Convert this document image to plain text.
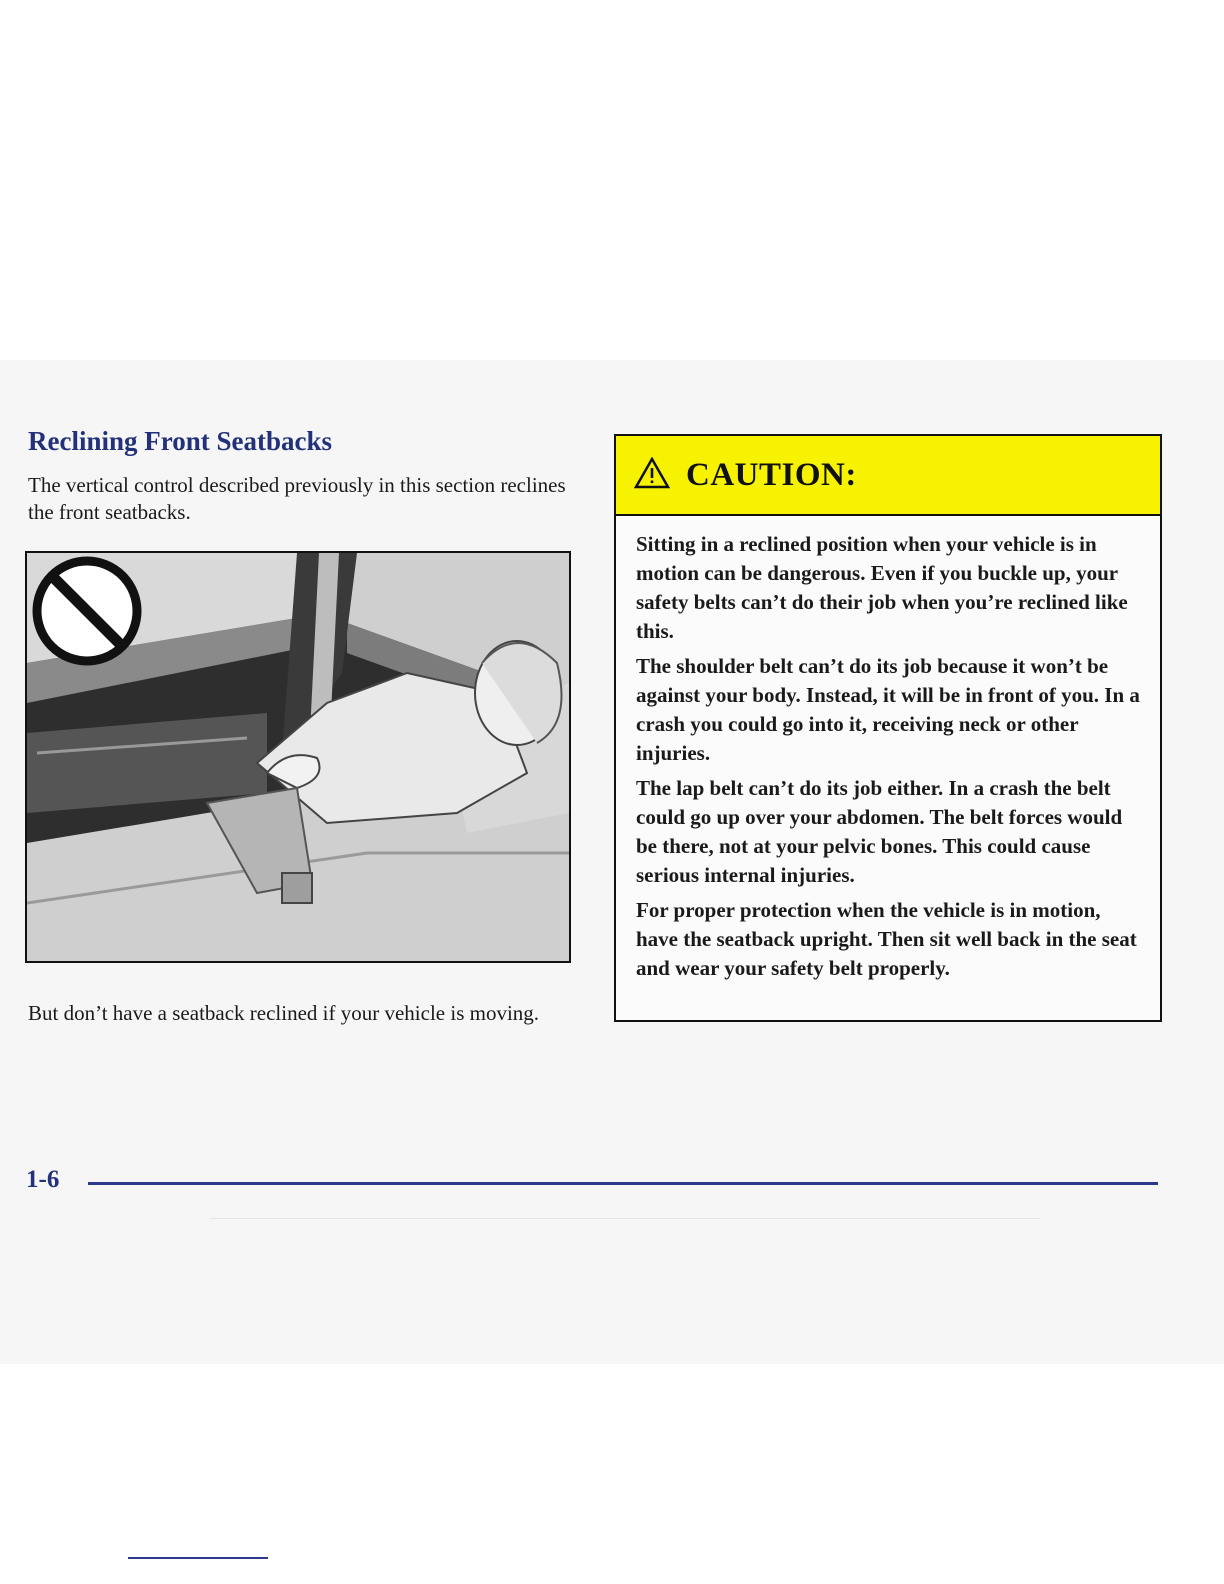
Reclining Front Seatbacks

The vertical control described previously in this section reclines the front seatbacks.

But don’t have a seatback reclined if your vehicle is moving.

CAUTION:

Sitting in a reclined position when your vehicle is in motion can be dangerous. Even if you buckle up, your safety belts can’t do their job when you’re reclined like this.

The shoulder belt can’t do its job because it won’t be against your body. Instead, it will be in front of you. In a crash you could go into it, receiving neck or other injuries.

The lap belt can’t do its job either. In a crash the belt could go up over your abdomen. The belt forces would be there, not at your pelvic bones. This could cause serious internal injuries.

For proper protection when the vehicle is in motion, have the seatback upright. Then sit well back in the seat and wear your safety belt properly.

1-6
